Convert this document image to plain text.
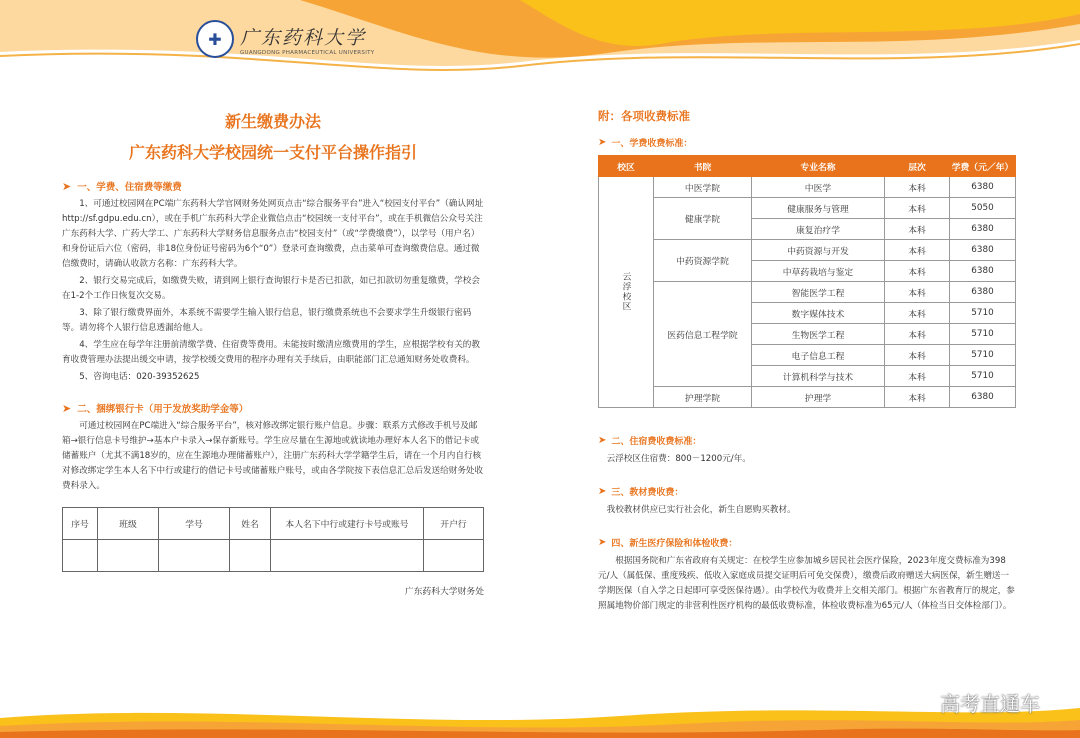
✚ 广东药科大学
GUANGDONG PHARMACEUTICAL UNIVERSITY
新生缴费办法
广东药科大学校园统一支付平台操作指引
➤ 一、学费、住宿费等缴费
1、可通过校园网在PC端广东药科大学官网财务处网页点击“综合服务平台”进入“校园支付平台”（确认网址http://sf.gdpu.edu.cn），或在手机广东药科大学企业微信点击“校园统一支付平台”，或在手机微信公众号关注广东药科大学、广药大学工、广东药科大学财务信息服务点击“校园支付”（或“学费缴费”），以学号（用户名）和身份证后六位（密码，非18位身份证号密码为6个“0”）登录可查询缴费，点击菜单可查询缴费信息。通过微信缴费时，请确认收款方名称：广东药科大学。
2、银行交易完成后，如缴费失败，请到网上银行查询银行卡是否已扣款，如已扣款切勿重复缴费，学校会在1-2个工作日恢复次交易。
3、除了银行缴费界面外，本系统不需要学生输入银行信息，银行缴费系统也不会要求学生升级银行密码等。请勿将个人银行信息透漏给他人。
4、学生应在每学年注册前清缴学费、住宿费等费用。未能按时缴清应缴费用的学生，应根据学校有关的教育收费管理办法提出缓交申请，按学校缓交费用的程序办理有关手续后，由职能部门汇总通知财务处收费科。
5、咨询电话：020-39352625
➤ 二、捆绑银行卡（用于发放奖助学金等）
可通过校园网在PC端进入“综合服务平台”，核对修改绑定银行账户信息。步骤：联系方式修改手机号及邮箱→银行信息卡号维护→基本户卡录入→保存新账号。学生应尽量在生源地或就读地办理好本人名下的借记卡或储蓄账户（尤其不满18岁的，应在生源地办理储蓄账户），注册广东药科大学学籍学生后，请在一个月内自行核对修改绑定学生本人名下中行或建行的借记卡号或储蓄账户账号，或由各学院按下表信息汇总后发送给财务处收费科录入。
序号	班级	学号	姓名	本人名下中行或建行卡号或账号	开户行

广东药科大学财务处
附：各项收费标准
➤ 一、学费收费标准：
校区	书院	专业名称	层次	学费（元／年）

云浮校区	中医学院	中医学	本科	6380
	健康学院	健康服务与管理	本科	5050
		康复治疗学	本科	6380
	中药资源学院	中药资源与开发	本科	6380
		中草药栽培与鉴定	本科	6380
	医药信息工程学院	智能医学工程	本科	6380
		数字媒体技术	本科	5710
		生物医学工程	本科	5710
		电子信息工程	本科	5710
		计算机科学与技术	本科	5710
	护理学院	护理学	本科	6380
➤ 二、住宿费收费标准：
云浮校区住宿费：800－1200元/年。
➤ 三、教材费收费：
我校教材供应已实行社会化，新生自愿购买教材。
➤ 四、新生医疗保险和体检收费：
根据国务院和广东省政府有关规定：在校学生应参加城乡居民社会医疗保险，2023年度交费标准为398元/人（属低保、重度残疾、低收入家庭成员提交证明后可免交保费），缴费后政府赠送大病医保，新生赠送一学期医保（自入学之日起即可享受医保待遇）。由学校代为收费并上交相关部门。根据广东省教育厅的规定，参照属地物价部门规定的非营利性医疗机构的最低收费标准，体检收费标准为65元/人（体检当日交体检部门）。
高考直通车
